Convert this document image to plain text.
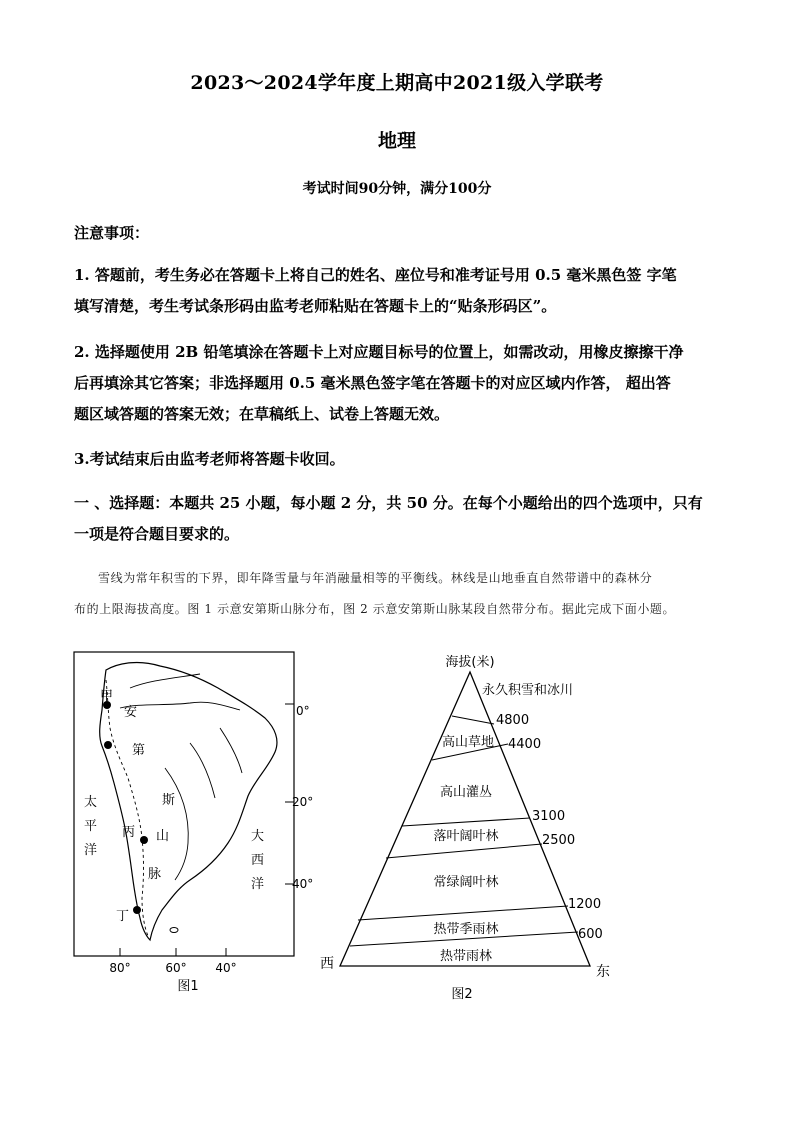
2023～2024学年度上期高中2021级入学联考
地理
考试时间90分钟，满分100分
注意事项：
1. 答题前，考生务必在答题卡上将自己的姓名、座位号和准考证号用 0.5 毫米黑色签 字笔
填写清楚，考生考试条形码由监考老师粘贴在答题卡上的“贴条形码区”。
2. 选择题使用 2B 铅笔填涂在答题卡上对应题目标号的位置上，如需改动，用橡皮擦擦干净
后再填涂其它答案；非选择题用 0.5 毫米黑色签字笔在答题卡的对应区域内作答， 超出答
题区域答题的答案无效；在草稿纸上、试卷上答题无效。
3.考试结束后由监考老师将答题卡收回。
一 、选择题：本题共 25 小题，每小题 2 分，共 50 分。在每个小题给出的四个选项中，只有
一项是符合题目要求的。
雪线为常年积雪的下界，即年降雪量与年消融量相等的平衡线。林线是山地垂直自然带谱中的森林分
布的上限海拔高度。图 1 示意安第斯山脉分布，图 2 示意安第斯山脉某段自然带分布。据此完成下面小题。
甲
丙
丁
安
第
斯
山
脉
太
平
洋
大
西
洋
80°	60° 40°
图1
0°
20°
40°
海拔(米)
永久积雪和冰川
高山草地
高山灌丛
落叶阔叶林
常绿阔叶林
热带季雨林
热带雨林
4800
4400
3100
2500
1200
600
西	东
图2
